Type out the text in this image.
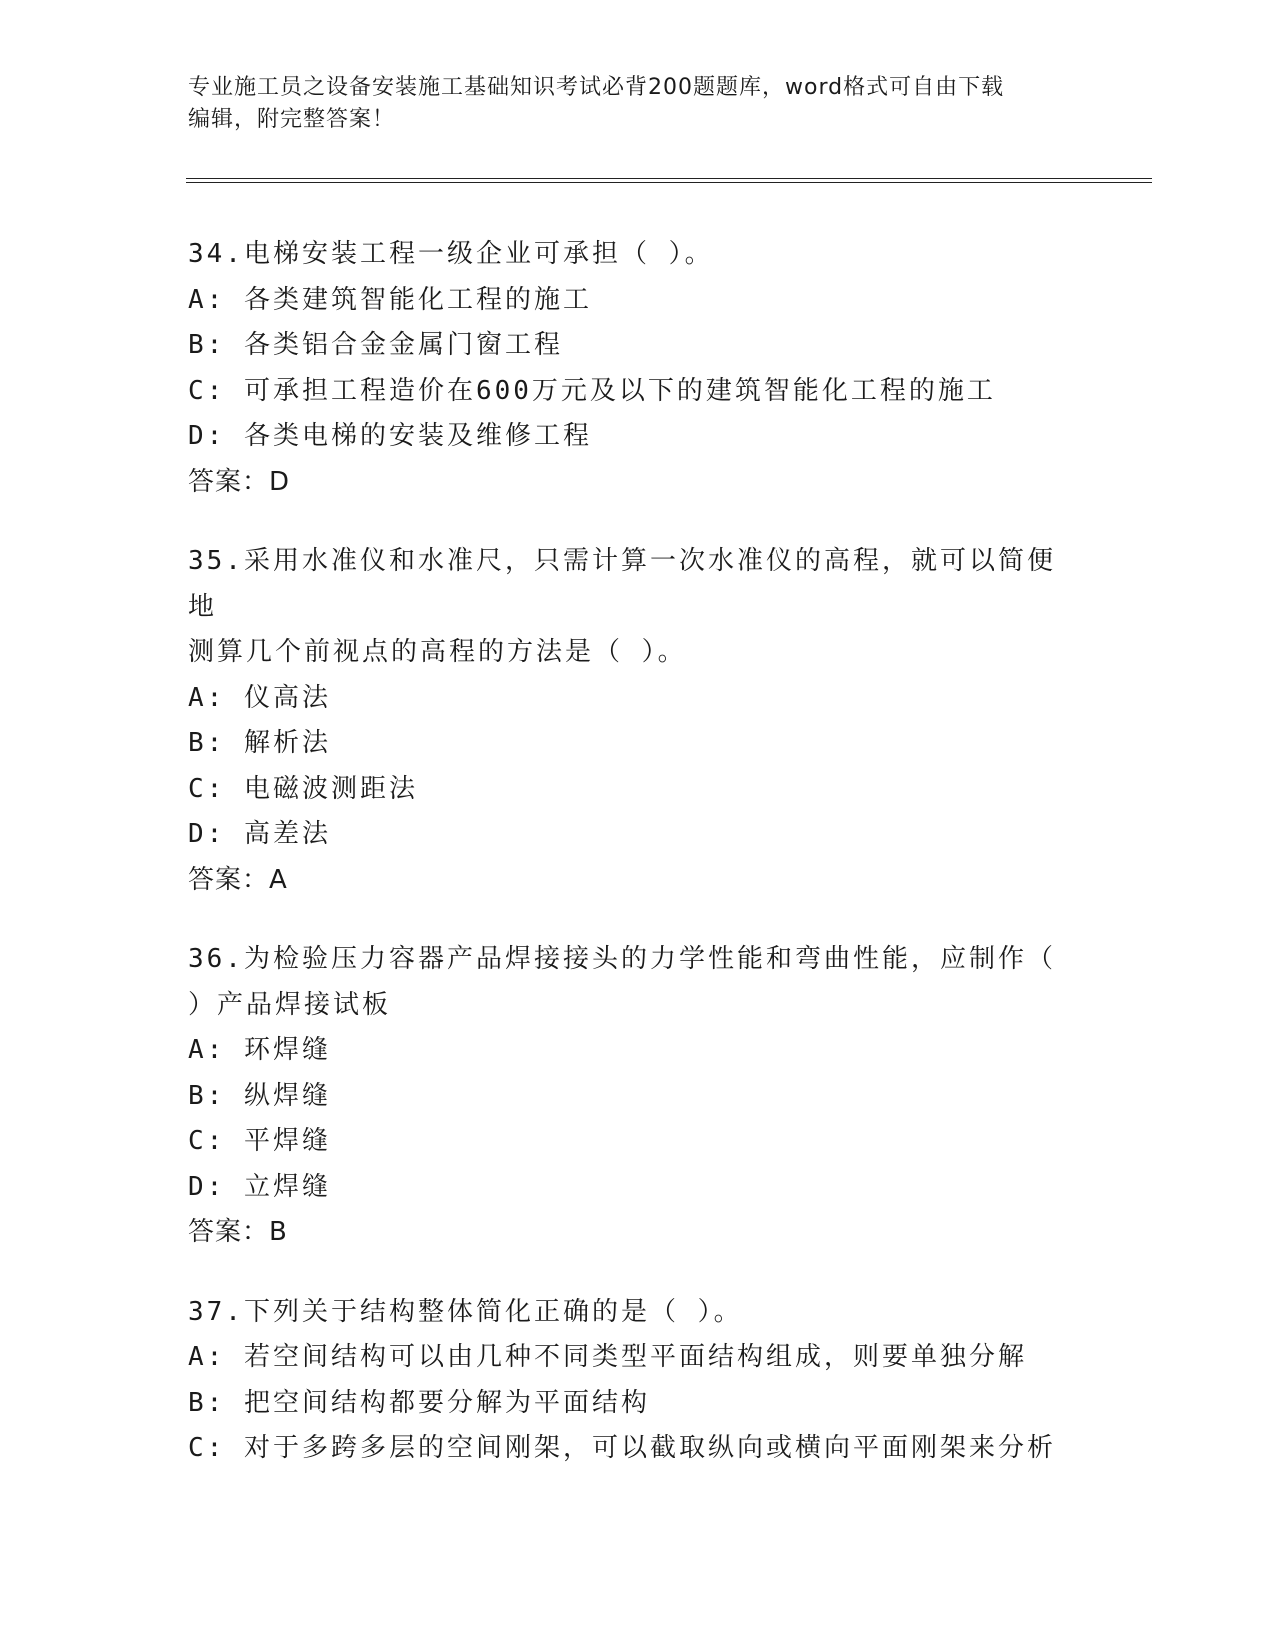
专业施工员之设备安装施工基础知识考试必背200题题库，word格式可自由下载
编辑，附完整答案！
34.电梯安装工程一级企业可承担（ ）。
A: 各类建筑智能化工程的施工
B: 各类铝合金金属门窗工程
C: 可承担工程造价在600万元及以下的建筑智能化工程的施工
D: 各类电梯的安装及维修工程
答案：D
35.采用水准仪和水准尺，只需计算一次水准仪的高程，就可以简便地
测算几个前视点的高程的方法是（ ）。
A: 仪高法
B: 解析法
C: 电磁波测距法
D: 高差法
答案：A
36.为检验压力容器产品焊接接头的力学性能和弯曲性能，应制作（
）产品焊接试板
A: 环焊缝
B: 纵焊缝
C: 平焊缝
D: 立焊缝
答案：B
37.下列关于结构整体简化正确的是（ ）。
A: 若空间结构可以由几种不同类型平面结构组成，则要单独分解
B: 把空间结构都要分解为平面结构
C: 对于多跨多层的空间刚架，可以截取纵向或横向平面刚架来分析
